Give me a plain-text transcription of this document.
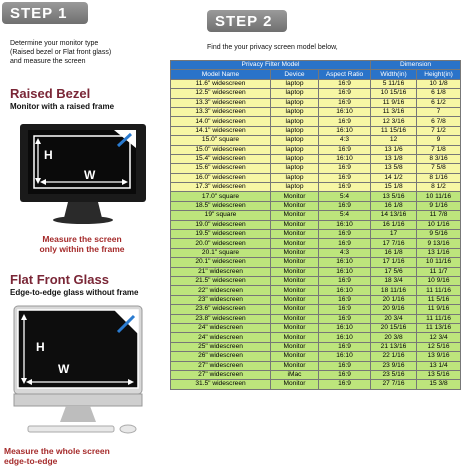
STEP 1	STEP 2
Determine your monitor type
(Raised bezel or Flat front glass)
and measure the screen
Raised Bezel
Monitor with a raised frame
H
W
Measure the screen
only within the frame
Flat Front Glass
Edge-to-edge glass without frame
H
W
Measure the whole screen
edge-to-edge
Find the your privacy screen model below,
Privacy Filter Model			Dimension	
Model Name	Device	Aspect Ratio	Width(in)	Height(in)
11.6" widescreen	laptop	16:9	5 11/16	10 1/8
12.5" widescreen	laptop	16:9	10 15/16	6 1/8
13.3" widescreen	laptop	16:9	11 9/16	6 1/2
13.3" widescreen	laptop	16:10	11 3/16	7
14.0" widescreen	laptop	16:9	12 3/16	6 7/8
14.1" widescreen	laptop	16:10	11 15/16	7 1/2
15.0" square	laptop	4:3	12	9
15.0" widescreen	laptop	16:9	13 1/6	7 1/8
15.4" widescreen	laptop	16:10	13 1/8	8 3/16
15.6" widescreen	laptop	16:9	13 5/8	7 5/8
16.0" widescreen	laptop	16:9	14 1/2	8 1/16
17.3" widescreen	laptop	16:9	15 1/8	8 1/2
17.0" square	Monitor	5:4	13 5/16	10 11/16
18.5" widescreen	Monitor	16:9	16 1/8	9 1/16
19" square	Monitor	5:4	14 13/16	11 7/8
19.0" widescreen	Monitor	16:10	16 1/16	10 1/16
19.5" widescreen	Monitor	16:9	17	9 5/16
20.0" widescreen	Monitor	16:9	17 7/16	9 13/16
20.1" square	Monitor	4:3	16 1/8	13 1/16
20.1" widescreen	Monitor	16:10	17 1/16	10 11/16
21" widescreen	Monitor	16:10	17 5/6	11 1/7
21.5" widescreen	Monitor	16:9	18 3/4	10 9/16
22" widescreen	Monitor	16:10	18 11/16	11 11/16
23" widescreen	Monitor	16:9	20 1/16	11 5/16
23.6" widescreen	Monitor	16:9	20 9/16	11 9/16
23.8" widescreen	Monitor	16:9	20 3/4	11 11/16
24" widescreen	Monitor	16:10	20 15/16	11 13/16
24" widescreen	Monitor	16:10	20 3/8	12 3/4
25" widescreen	Monitor	16:9	21 13/16	12 5/16
26" widescreen	Monitor	16:10	22 1/16	13 9/16
27" widescreen	Monitor	16:9	23 9/16	13 1/4
27" widescreen	iMac	16:9	23 5/16	13 5/16
31.5" widescreen	Monitor	16:9	27 7/16	15 3/8
